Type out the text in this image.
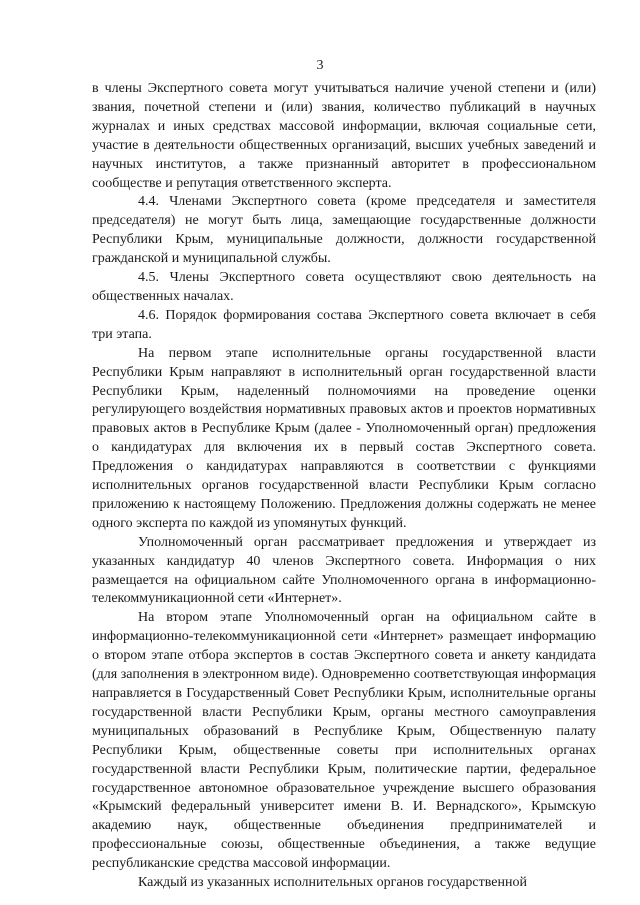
3

в члены Экспертного совета могут учитываться наличие ученой степени и (или) звания, почетной степени и (или) звания, количество публикаций в научных журналах и иных средствах массовой информации, включая социальные сети, участие в деятельности общественных организаций, высших учебных заведений и научных институтов, а также признанный авторитет в профессиональном сообществе и репутация ответственного эксперта.

4.4. Членами Экспертного совета (кроме председателя и заместителя председателя) не могут быть лица, замещающие государственные должности Республики Крым, муниципальные должности, должности государственной гражданской и муниципальной службы.

4.5. Члены Экспертного совета осуществляют свою деятельность на общественных началах.

4.6. Порядок формирования состава Экспертного совета включает в себя три этапа.

На первом этапе исполнительные органы государственной власти Республики Крым направляют в исполнительный орган государственной власти Республики Крым, наделенный полномочиями на проведение оценки регулирующего воздействия нормативных правовых актов и проектов нормативных правовых актов в Республике Крым (далее - Уполномоченный орган) предложения о кандидатурах для включения их в первый состав Экспертного совета. Предложения о кандидатурах направляются в соответствии с функциями исполнительных органов государственной власти Республики Крым согласно приложению к настоящему Положению. Предложения должны содержать не менее одного эксперта по каждой из упомянутых функций.

Уполномоченный орган рассматривает предложения и утверждает из указанных кандидатур 40 членов Экспертного совета. Информация о них размещается на официальном сайте Уполномоченного органа в информационно-телекоммуникационной сети «Интернет».

На втором этапе Уполномоченный орган на официальном сайте в информационно-телекоммуникационной сети «Интернет» размещает информацию о втором этапе отбора экспертов в состав Экспертного совета и анкету кандидата (для заполнения в электронном виде). Одновременно соответствующая информация направляется в Государственный Совет Республики Крым, исполнительные органы государственной власти Республики Крым, органы местного самоуправления муниципальных образований в Республике Крым, Общественную палату Республики Крым, общественные советы при исполнительных органах государственной власти Республики Крым, политические партии, федеральное государственное автономное образовательное учреждение высшего образования «Крымский федеральный университет имени В. И. Вернадского», Крымскую академию наук, общественные объединения предпринимателей и профессиональные союзы, общественные объединения, а также ведущие республиканские средства массовой информации.

Каждый из указанных исполнительных органов государственной
